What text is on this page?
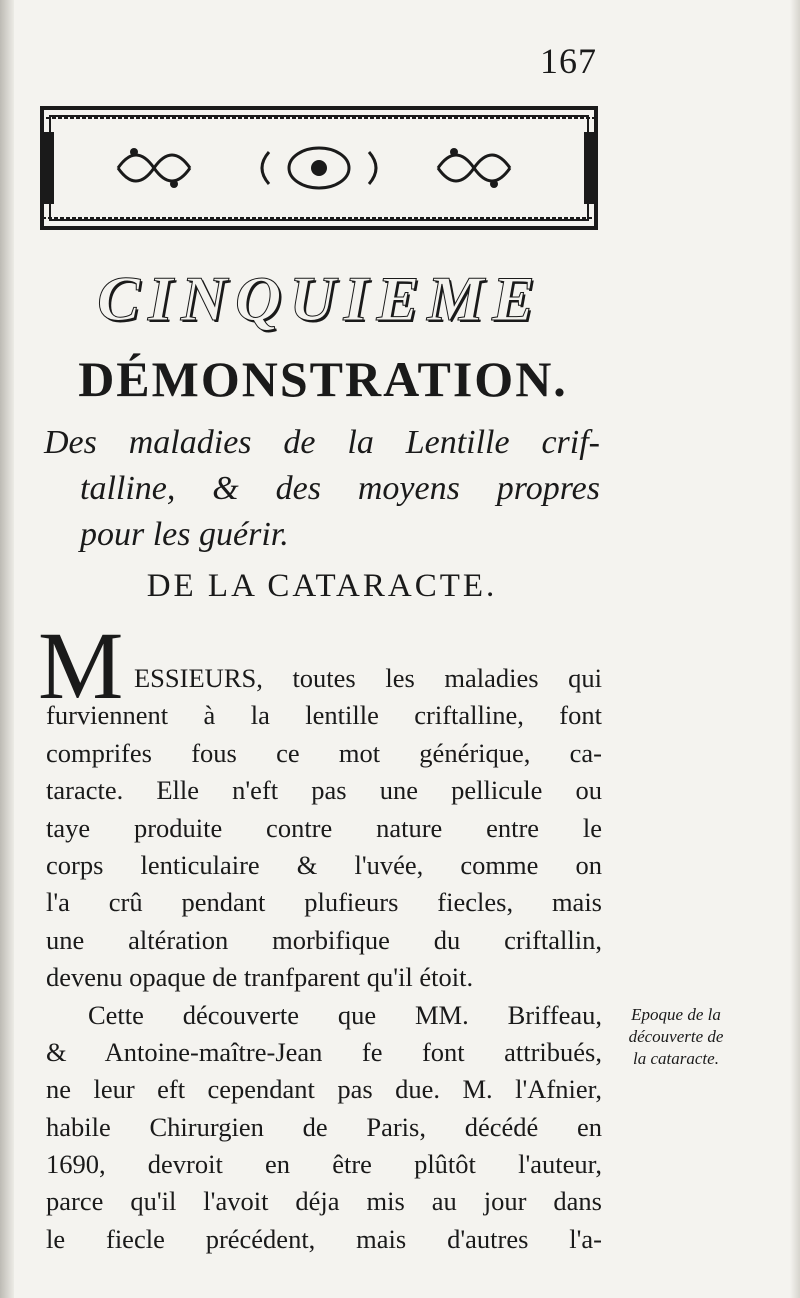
167
CINQUIEME
DÉMONSTRATION.
Des maladies de la Lentille crif-
talline, & des moyens propres
pour les guérir.
DE LA CATARACTE.
M ESSIEURS, toutes les maladies qui
furviennent à la lentille criftalline, font
comprifes fous ce mot générique, ca-
taracte. Elle n'eft pas une pellicule ou
taye produite contre nature entre le
corps lenticulaire & l'uvée, comme on
l'a crû pendant plufieurs fiecles, mais
une altération morbifique du criftallin,
devenu opaque de tranfparent qu'il étoit.
Cette découverte que MM. Briffeau,
& Antoine-maître-Jean fe font attribués,
ne leur eft cependant pas due. M. l'Afnier,
habile Chirurgien de Paris, décédé en
1690, devroit en être plûtôt l'auteur,
parce qu'il l'avoit déja mis au jour dans
le fiecle précédent, mais d'autres l'a-
Epoque de la
découverte de
la cataracte.
